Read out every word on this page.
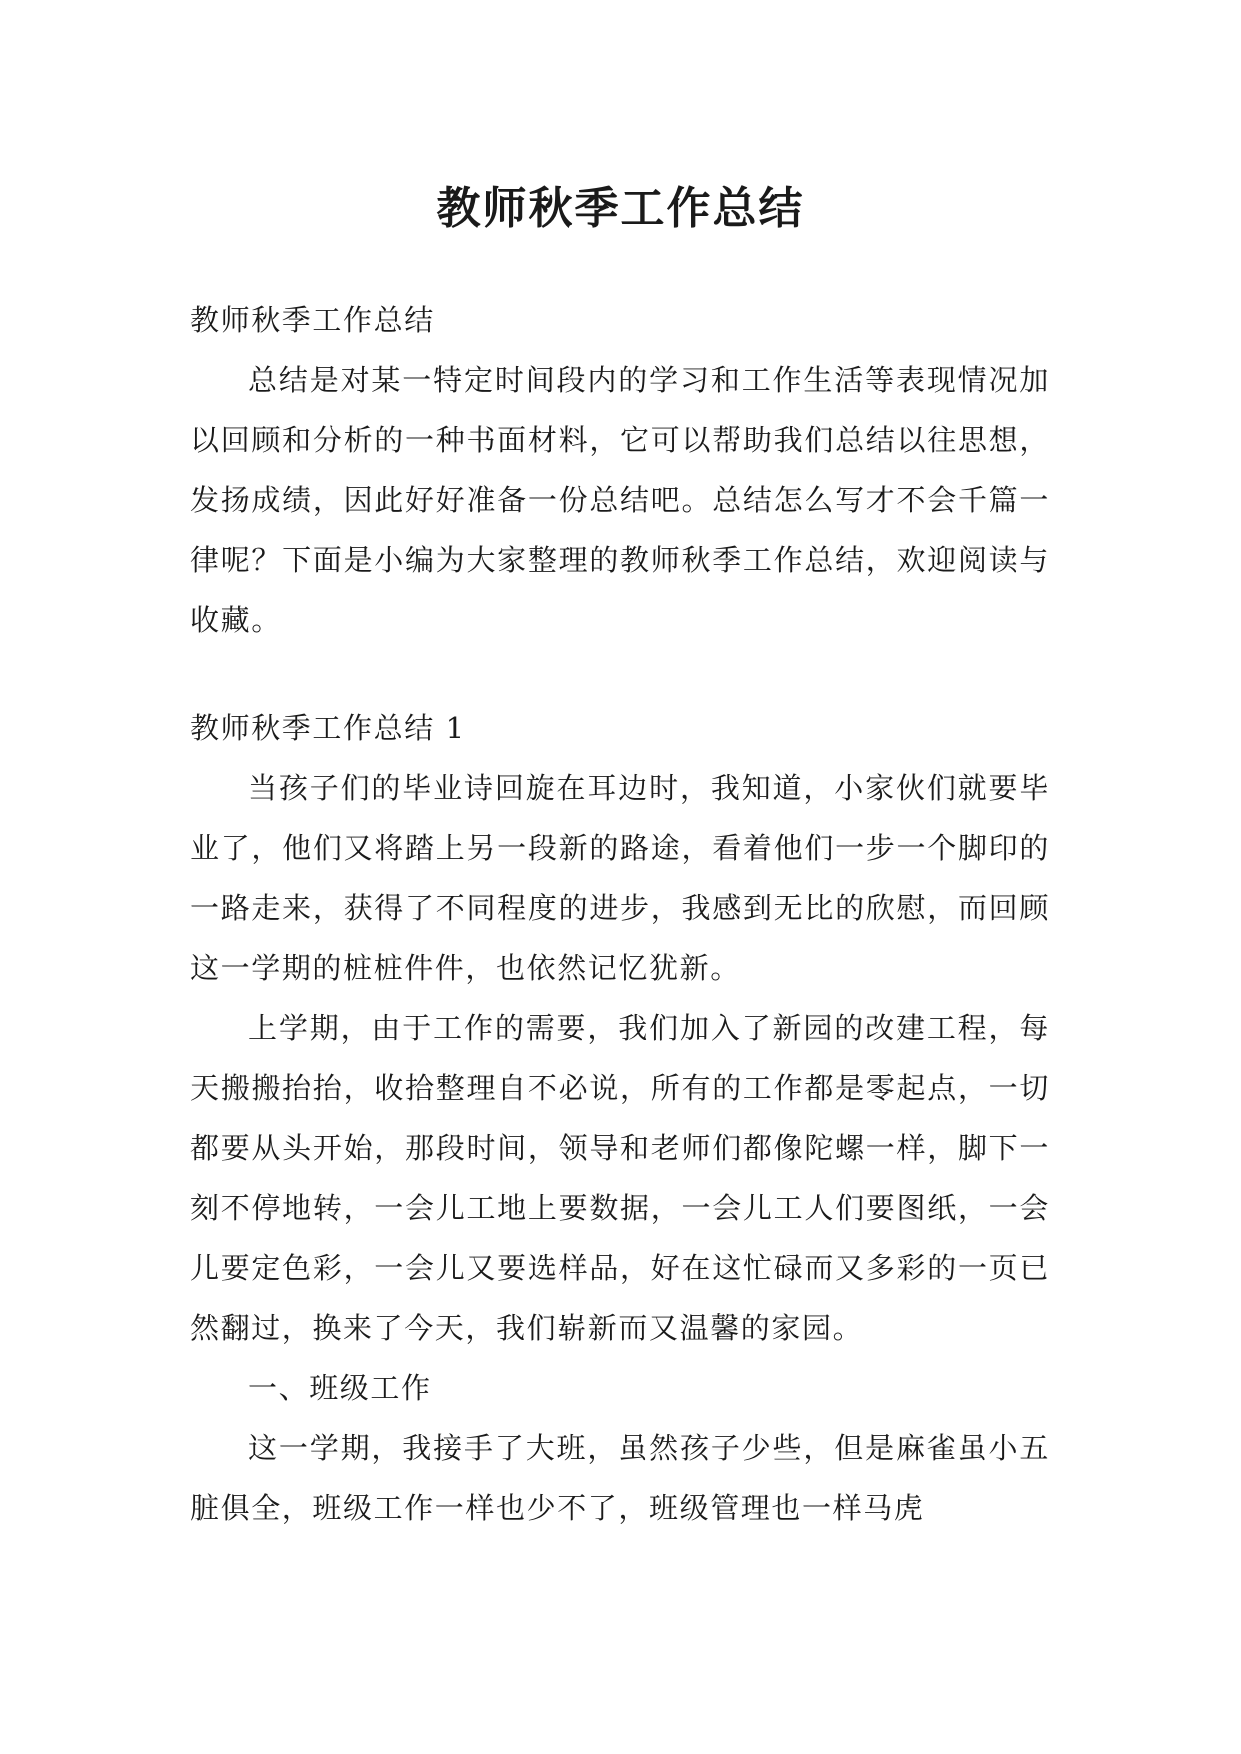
教师秋季工作总结

教师秋季工作总结

总结是对某一特定时间段内的学习和工作生活等表现情况加以回顾和分析的一种书面材料，它可以帮助我们总结以往思想，发扬成绩，因此好好准备一份总结吧。总结怎么写才不会千篇一律呢？下面是小编为大家整理的教师秋季工作总结，欢迎阅读与收藏。

教师秋季工作总结 1

当孩子们的毕业诗回旋在耳边时，我知道，小家伙们就要毕业了，他们又将踏上另一段新的路途，看着他们一步一个脚印的一路走来，获得了不同程度的进步，我感到无比的欣慰，而回顾这一学期的桩桩件件，也依然记忆犹新。

上学期，由于工作的需要，我们加入了新园的改建工程，每天搬搬抬抬，收拾整理自不必说，所有的工作都是零起点，一切都要从头开始，那段时间，领导和老师们都像陀螺一样，脚下一刻不停地转，一会儿工地上要数据，一会儿工人们要图纸，一会儿要定色彩，一会儿又要选样品，好在这忙碌而又多彩的一页已然翻过，换来了今天，我们崭新而又温馨的家园。

一、班级工作

这一学期，我接手了大班，虽然孩子少些，但是麻雀虽小五脏俱全，班级工作一样也少不了，班级管理也一样马虎
